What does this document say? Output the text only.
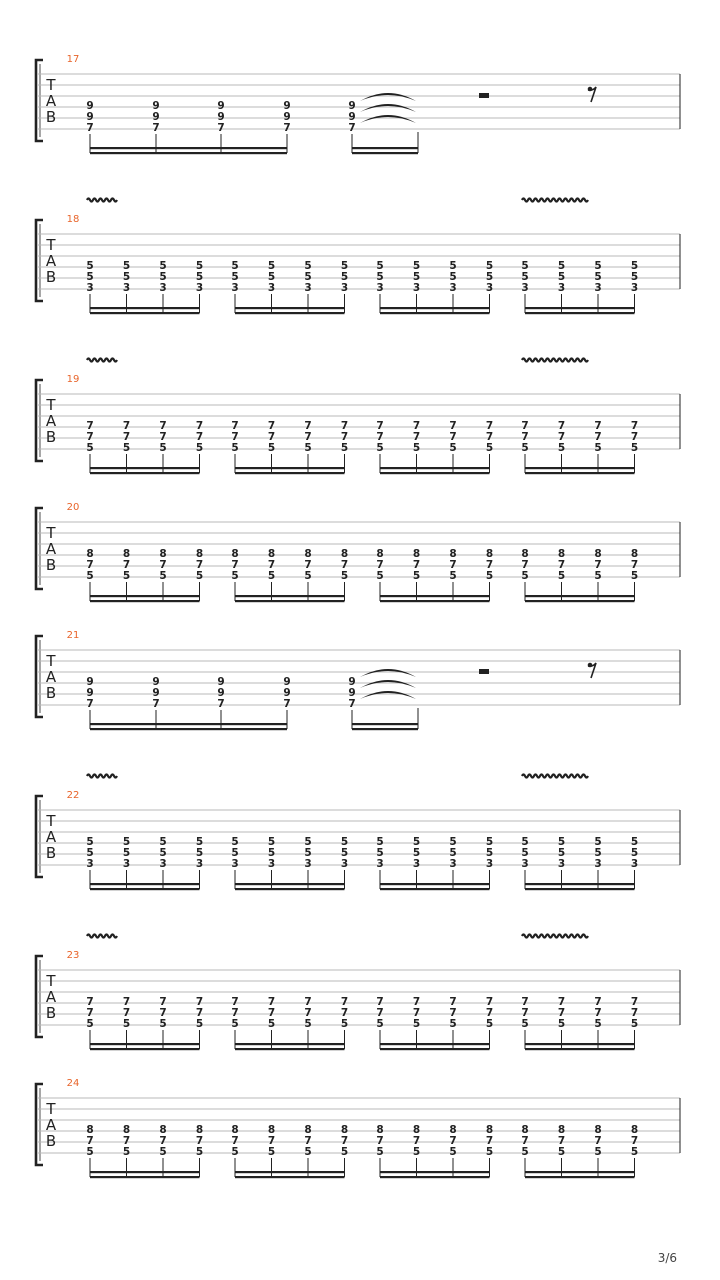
17
T
A
B
9
9
7
9
9
7
9
9
7
9
9
7
9
9
7
18
T
A
B
5
5
3
5
5
3
5
5
3
5
5
3
5
5
3
5
5
3
5
5
3
5
5
3
5
5
3
5
5
3
5
5
3
5
5
3
5
5
3
5
5
3
5
5
3
5
5
3
19
T
A
B
7
7
5
7
7
5
7
7
5
7
7
5
7
7
5
7
7
5
7
7
5
7
7
5
7
7
5
7
7
5
7
7
5
7
7
5
7
7
5
7
7
5
7
7
5
7
7
5
20
T
A
B
8
7
5
8
7
5
8
7
5
8
7
5
8
7
5
8
7
5
8
7
5
8
7
5
8
7
5
8
7
5
8
7
5
8
7
5
8
7
5
8
7
5
8
7
5
8
7
5
21
T
A
B
9
9
7
9
9
7
9
9
7
9
9
7
9
9
7
22
T
A
B
5
5
3
5
5
3
5
5
3
5
5
3
5
5
3
5
5
3
5
5
3
5
5
3
5
5
3
5
5
3
5
5
3
5
5
3
5
5
3
5
5
3
5
5
3
5
5
3
23
T
A
B
7
7
5
7
7
5
7
7
5
7
7
5
7
7
5
7
7
5
7
7
5
7
7
5
7
7
5
7
7
5
7
7
5
7
7
5
7
7
5
7
7
5
7
7
5
7
7
5
24
T
A
B
8
7
5
8
7
5
8
7
5
8
7
5
8
7
5
8
7
5
8
7
5
8
7
5
8
7
5
8
7
5
8
7
5
8
7
5
8
7
5
8
7
5
8
7
5
8
7
5
3/6
